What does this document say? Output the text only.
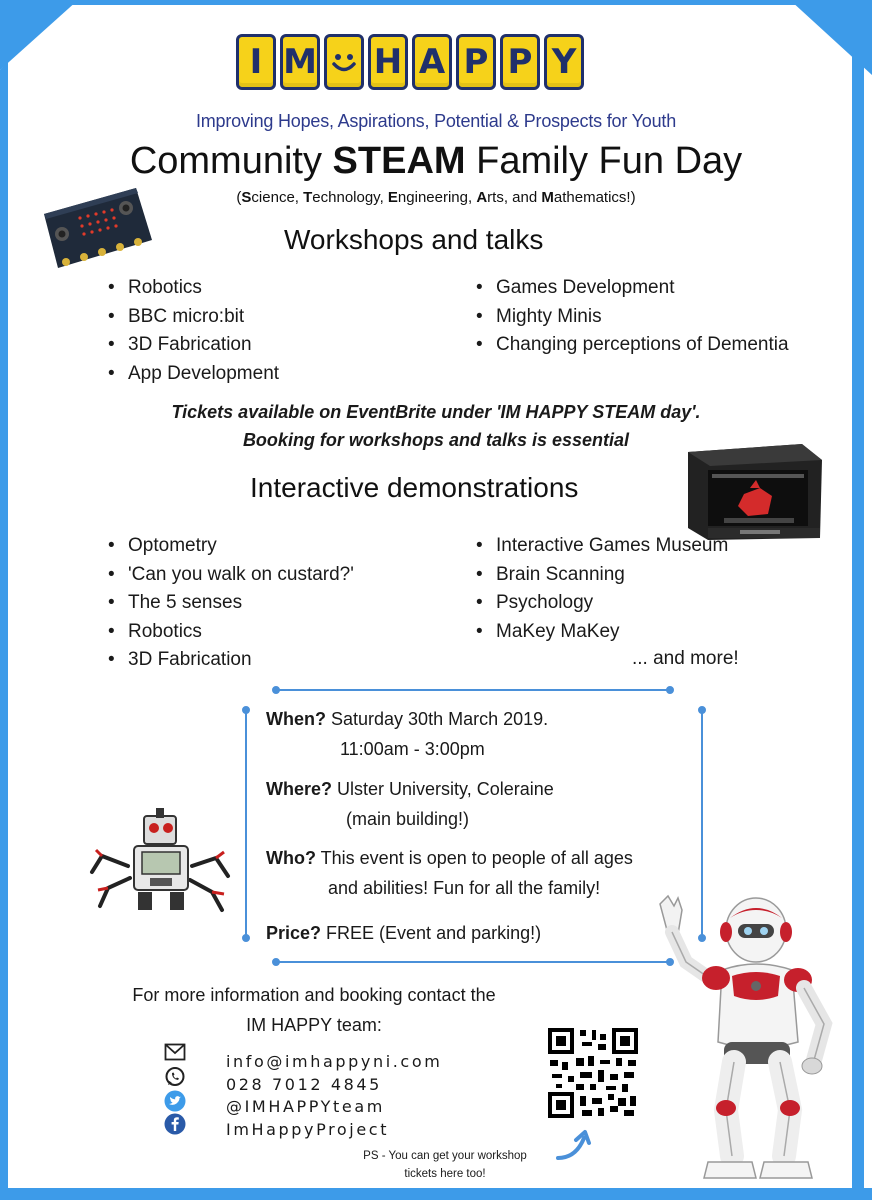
I M H A P P Y
Improving Hopes, Aspirations, Potential & Prospects for Youth
Community STEAM Family Fun Day
(Science, Technology, Engineering, Arts, and Mathematics!)
Workshops and talks
• Robotics
• BBC micro:bit
• 3D Fabrication
• App Development
• Games Development
• Mighty Minis
• Changing perceptions of Dementia
Tickets available on EventBrite under 'IM HAPPY STEAM day'.
Booking for workshops and talks is essential
Interactive demonstrations
• Optometry
• 'Can you walk on custard?'
• The 5 senses
• Robotics
• 3D Fabrication
• Interactive Games Museum
• Brain Scanning
• Psychology
• MaKey MaKey
... and more!
When? Saturday 30th March 2019.
11:00am - 3:00pm
Where? Ulster University, Coleraine
(main building!)
Who? This event is open to people of all ages
and abilities! Fun for all the family!
Price? FREE (Event and parking!)
For more information and booking contact the
IM HAPPY team:
info@imhappyni.com
028 7012 4845
@IMHAPPYteam
ImHappyProject
PS - You can get your workshop
tickets here too!
